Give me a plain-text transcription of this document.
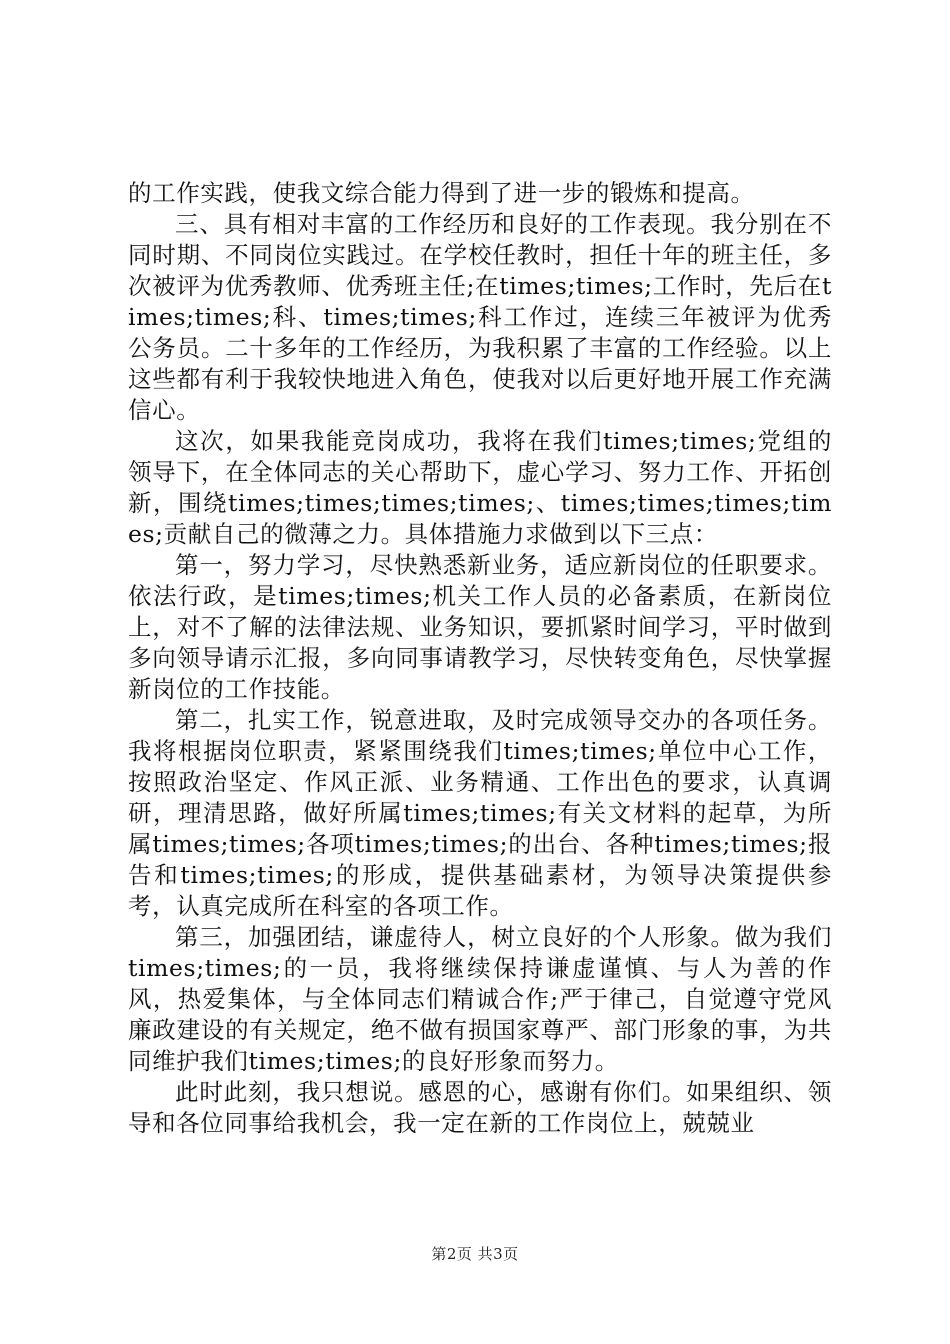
的工作实践，使我文综合能力得到了进一步的锻炼和提高。

三、具有相对丰富的工作经历和良好的工作表现。我分别在不同时期、不同岗位实践过。在学校任教时，担任十年的班主任，多次被评为优秀教师、优秀班主任;在times;times;工作时，先后在times;times;科、times;times;科工作过，连续三年被评为优秀公务员。二十多年的工作经历，为我积累了丰富的工作经验。以上这些都有利于我较快地进入角色，使我对以后更好地开展工作充满信心。

这次，如果我能竞岗成功，我将在我们times;times;党组的领导下，在全体同志的关心帮助下，虚心学习、努力工作、开拓创新，围绕times;times;times;times;、times;times;times;times;贡献自己的微薄之力。具体措施力求做到以下三点：

第一，努力学习，尽快熟悉新业务，适应新岗位的任职要求。依法行政，是times;times;机关工作人员的必备素质，在新岗位上，对不了解的法律法规、业务知识，要抓紧时间学习，平时做到多向领导请示汇报，多向同事请教学习，尽快转变角色，尽快掌握新岗位的工作技能。

第二，扎实工作，锐意进取，及时完成领导交办的各项任务。我将根据岗位职责，紧紧围绕我们times;times;单位中心工作，按照政治坚定、作风正派、业务精通、工作出色的要求，认真调研，理清思路，做好所属times;times;有关文材料的起草，为所属times;times;各项times;times;的出台、各种times;times;报告和times;times;的形成，提供基础素材，为领导决策提供参考，认真完成所在科室的各项工作。

第三，加强团结，谦虚待人，树立良好的个人形象。做为我们times;times;的一员，我将继续保持谦虚谨慎、与人为善的作风，热爱集体，与全体同志们精诚合作;严于律己，自觉遵守党风廉政建设的有关规定，绝不做有损国家尊严、部门形象的事，为共同维护我们times;times;的良好形象而努力。

此时此刻，我只想说。感恩的心，感谢有你们。如果组织、领导和各位同事给我机会，我一定在新的工作岗位上，兢兢业

第2页 共3页
